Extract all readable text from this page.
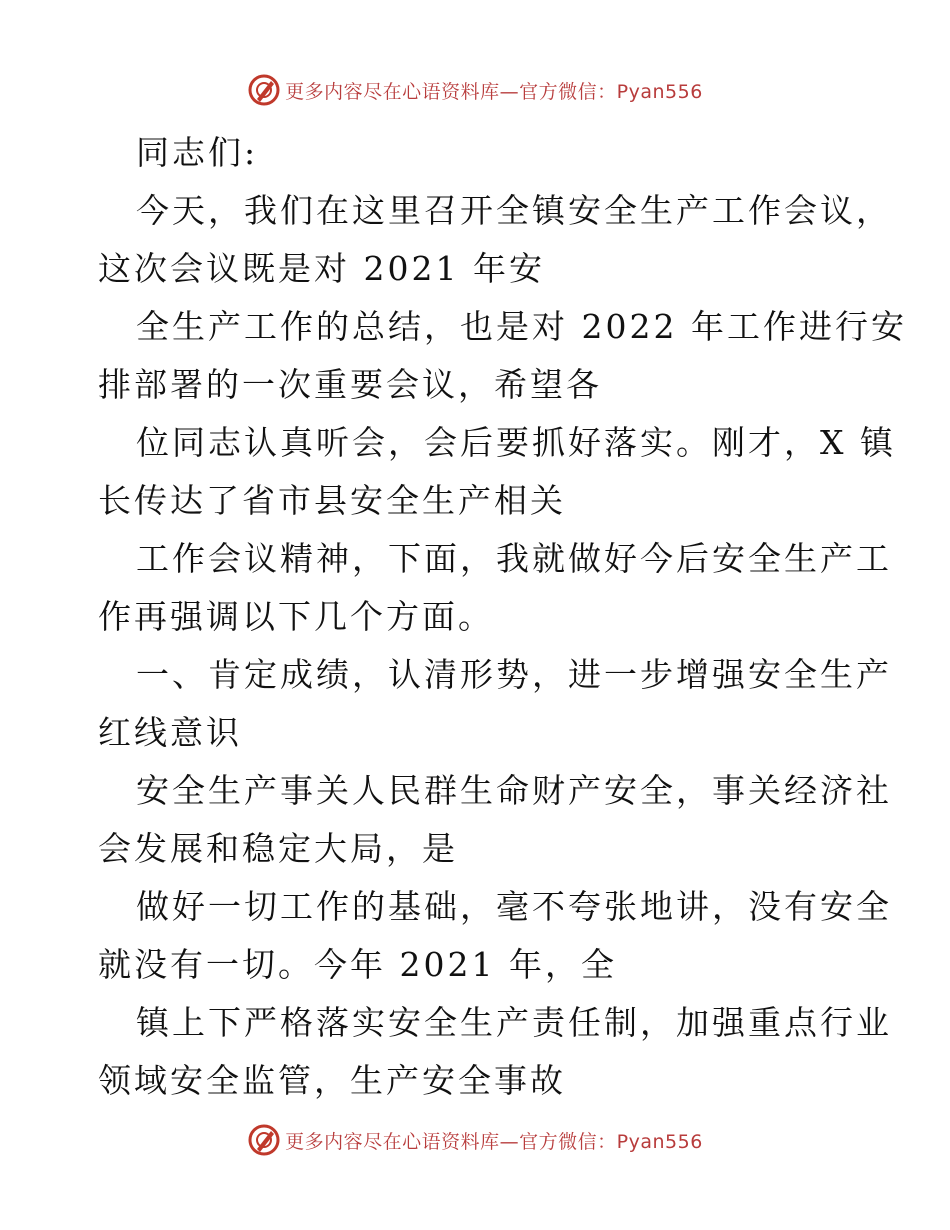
更多内容尽在心语资料库—官方微信：Pyan556
同志们:
今天，我们在这里召开全镇安全生产工作会议，
这次会议既是对 2021 年安
全生产工作的总结，也是对 2022 年工作进行安
排部署的一次重要会议，希望各
位同志认真听会，会后要抓好落实。刚才，X 镇
长传达了省市县安全生产相关
工作会议精神，下面，我就做好今后安全生产工
作再强调以下几个方面。
一、肯定成绩，认清形势，进一步增强安全生产
红线意识
安全生产事关人民群生命财产安全，事关经济社
会发展和稳定大局，是
做好一切工作的基础，毫不夸张地讲，没有安全
就没有一切。今年 2021 年，全
镇上下严格落实安全生产责任制，加强重点行业
领域安全监管，生产安全事故
更多内容尽在心语资料库—官方微信：Pyan556
